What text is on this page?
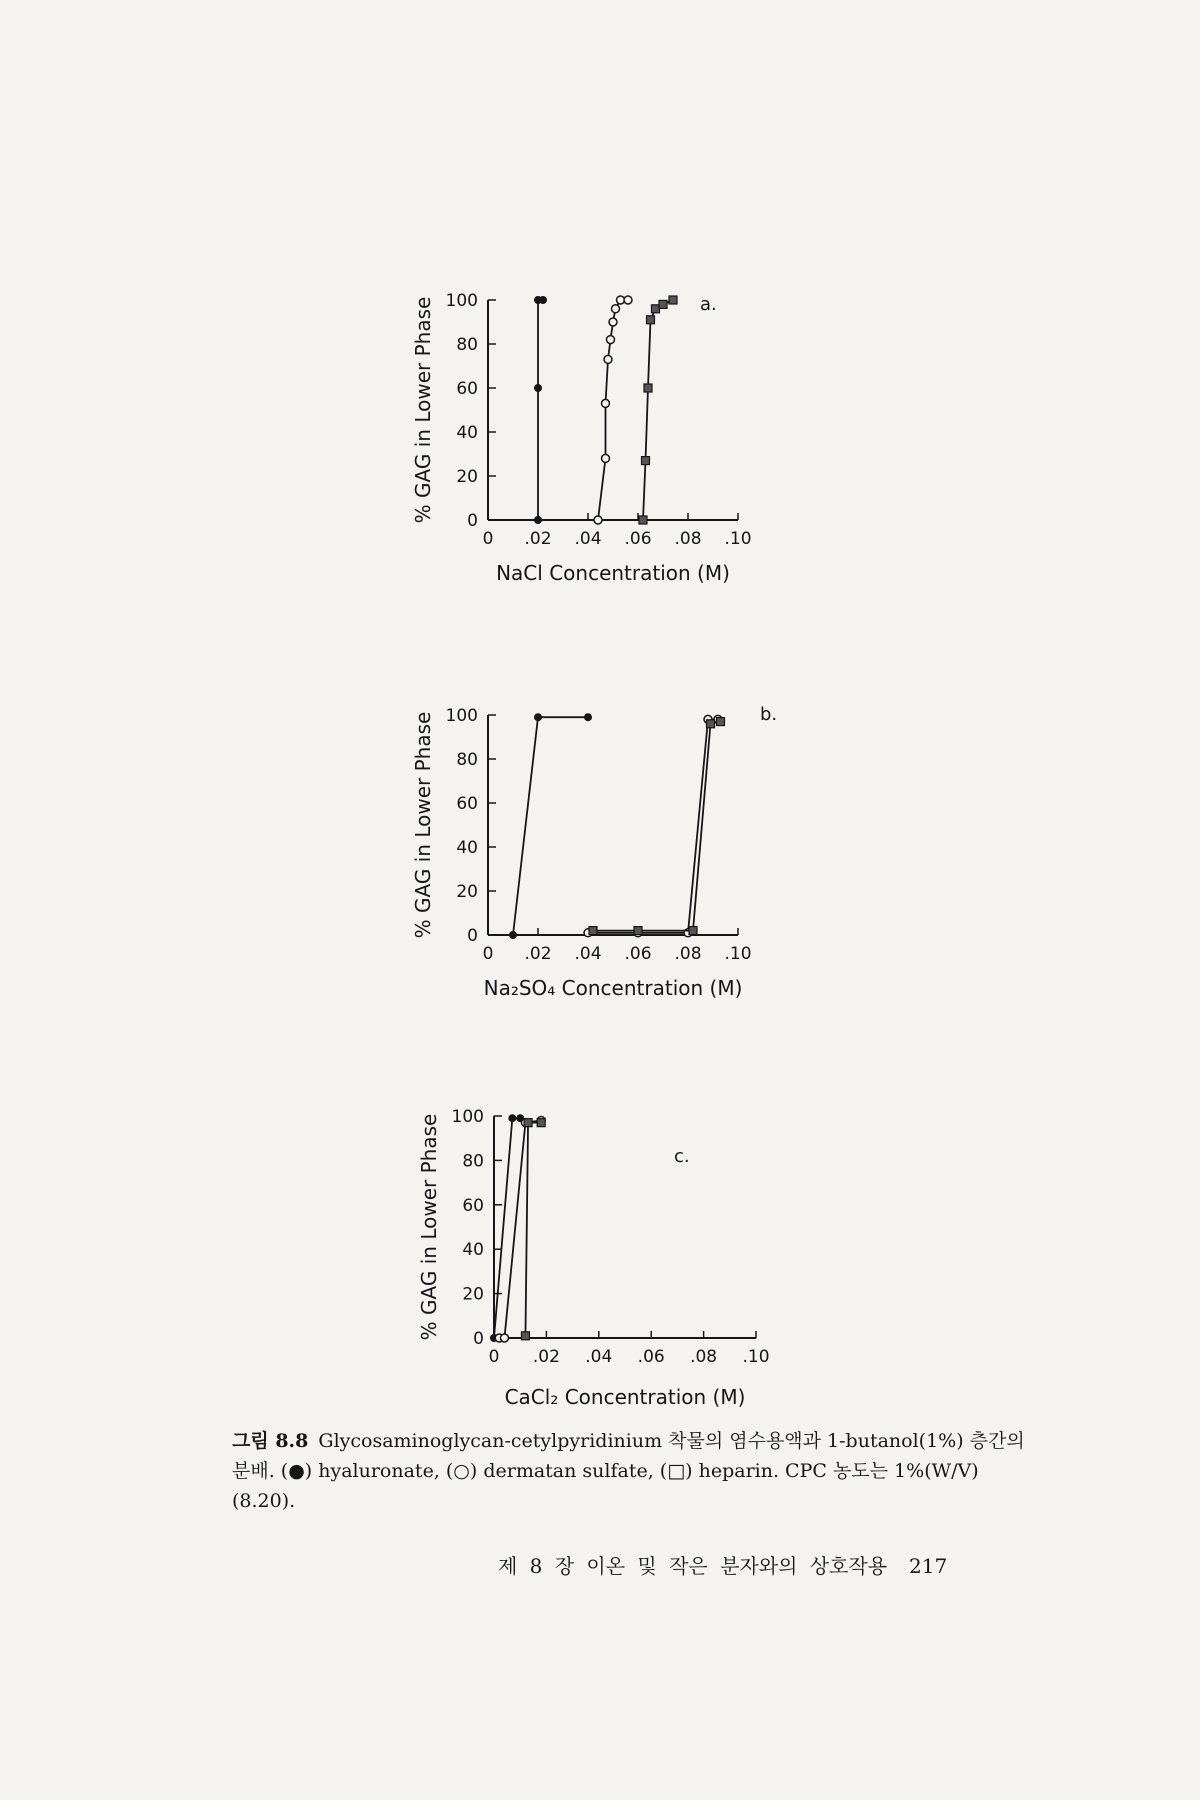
0
20
40
60
80
100
0 .02 .04 .06 .08 .10
% GAG in Lower Phase
NaCl Concentration (M)
a.
0
20
40
60
80
100
0 .02 .04 .06 .08 .10
% GAG in Lower Phase
Na₂SO₄ Concentration (M)
b.
0
20
40
60
80
100
0 .02 .04 .06 .08 .10
% GAG in Lower Phase
CaCl₂ Concentration (M)
c.
그림 8.8 Glycosaminoglycan-cetylpyridinium 착물의 염수용액과 1-butanol(1%) 층간의 분배. (●) hyaluronate, (○) dermatan sulfate, (□) heparin. CPC 농도는 1%(W/V) (8.20).
제 8 장 이온 및 작은 분자와의 상호작용 217
